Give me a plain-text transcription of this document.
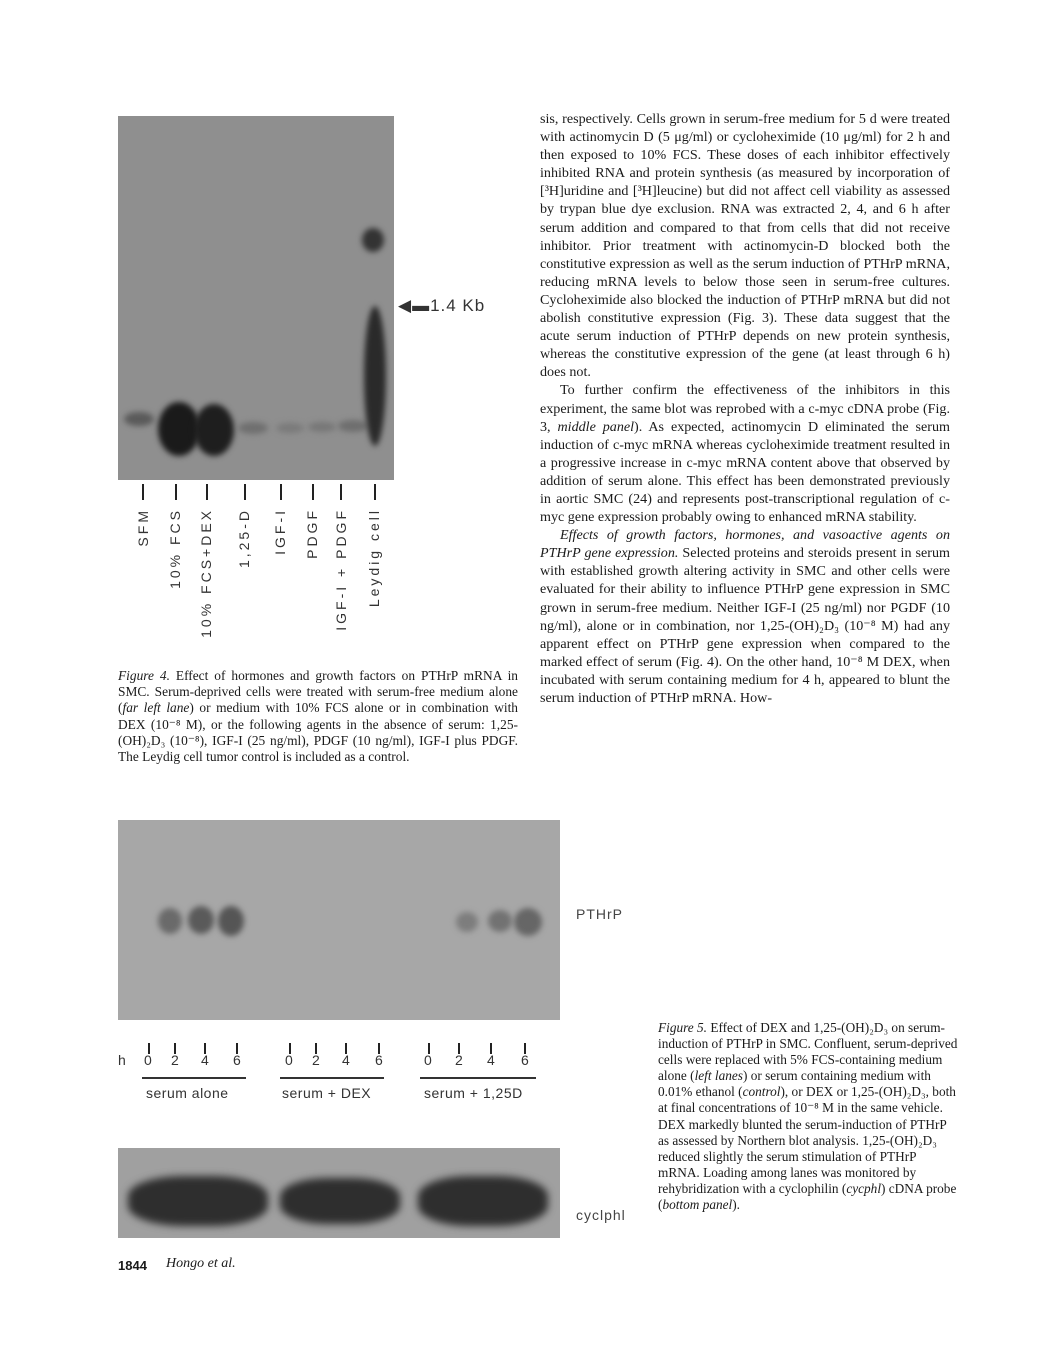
◀▬1.4 Kb
SFM 10% FCS 10% FCS+DEX 1,25-D IGF-I PDGF IGF-I + PDGF Leydig cell
Figure 4. Effect of hormones and growth factors on PTHrP mRNA in SMC. Serum-deprived cells were treated with serum-free medium alone (far left lane) or medium with 10% FCS alone or in combination with DEX (10⁻⁸ M), or the following agents in the absence of serum: 1,25-(OH)₂D₃ (10⁻⁸), IGF-I (25 ng/ml), PDGF (10 ng/ml), IGF-I plus PDGF. The Leydig cell tumor control is included as a control.

sis, respectively. Cells grown in serum-free medium for 5 d were treated with actinomycin D (5 μg/ml) or cycloheximide (10 μg/ml) for 2 h and then exposed to 10% FCS. These doses of each inhibitor effectively inhibited RNA and protein synthesis (as measured by incorporation of [³H]uridine and [³H]leucine) but did not affect cell viability as assessed by trypan blue dye exclusion. RNA was extracted 2, 4, and 6 h after serum addition and compared to that from cells that did not receive inhibitor. Prior treatment with actinomycin-D blocked both the constitutive expression as well as the serum induction of PTHrP mRNA, reducing mRNA levels to below those seen in serum-free cultures. Cycloheximide also blocked the induction of PTHrP mRNA but did not abolish constitutive expression (Fig. 3). These data suggest that the acute serum induction of PTHrP depends on new protein synthesis, whereas the constitutive expression of the gene (at least through 6 h) does not.

To further confirm the effectiveness of the inhibitors in this experiment, the same blot was reprobed with a c-myc cDNA probe (Fig. 3, middle panel). As expected, actinomycin D eliminated the serum induction of c-myc mRNA whereas cycloheximide treatment resulted in a progressive increase in c-myc mRNA content above that observed by addition of serum alone. This effect has been demonstrated previously in aortic SMC (24) and represents post-transcriptional regulation of c-myc gene expression probably owing to enhanced mRNA stability.

Effects of growth factors, hormones, and vasoactive agents on PTHrP gene expression. Selected proteins and steroids present in serum with established growth altering activity in SMC and other cells were evaluated for their ability to influence PTHrP gene expression in SMC grown in serum-free medium. Neither IGF-I (25 ng/ml) nor PGDF (10 ng/ml), alone or in combination, nor 1,25-(OH)₂D₃ (10⁻⁸ M) had any apparent effect on PTHrP gene expression when compared to the marked effect of serum (Fig. 4). On the other hand, 10⁻⁸ M DEX, when incubated with serum containing medium for 4 h, appeared to blunt the serum induction of PTHrP mRNA. How-

PTHrP
h 0 2 4 6	0 2 4 6	0 2 4 6
serum alone	serum + DEX	serum + 1,25D
cyclphl
Figure 5. Effect of DEX and 1,25-(OH)₂D₃ on serum-induction of PTHrP in SMC. Confluent, serum-deprived cells were replaced with 5% FCS-containing medium alone (left lanes) or serum containing medium with 0.01% ethanol (control), or DEX or 1,25-(OH)₂D₃, both at final concentrations of 10⁻⁸ M in the same vehicle. DEX markedly blunted the serum-induction of PTHrP as assessed by Northern blot analysis. 1,25-(OH)₂D₃ reduced slightly the serum stimulation of PTHrP mRNA. Loading among lanes was monitored by rehybridization with a cyclophilin (cycphl) cDNA probe (bottom panel).
1844 Hongo et al.
